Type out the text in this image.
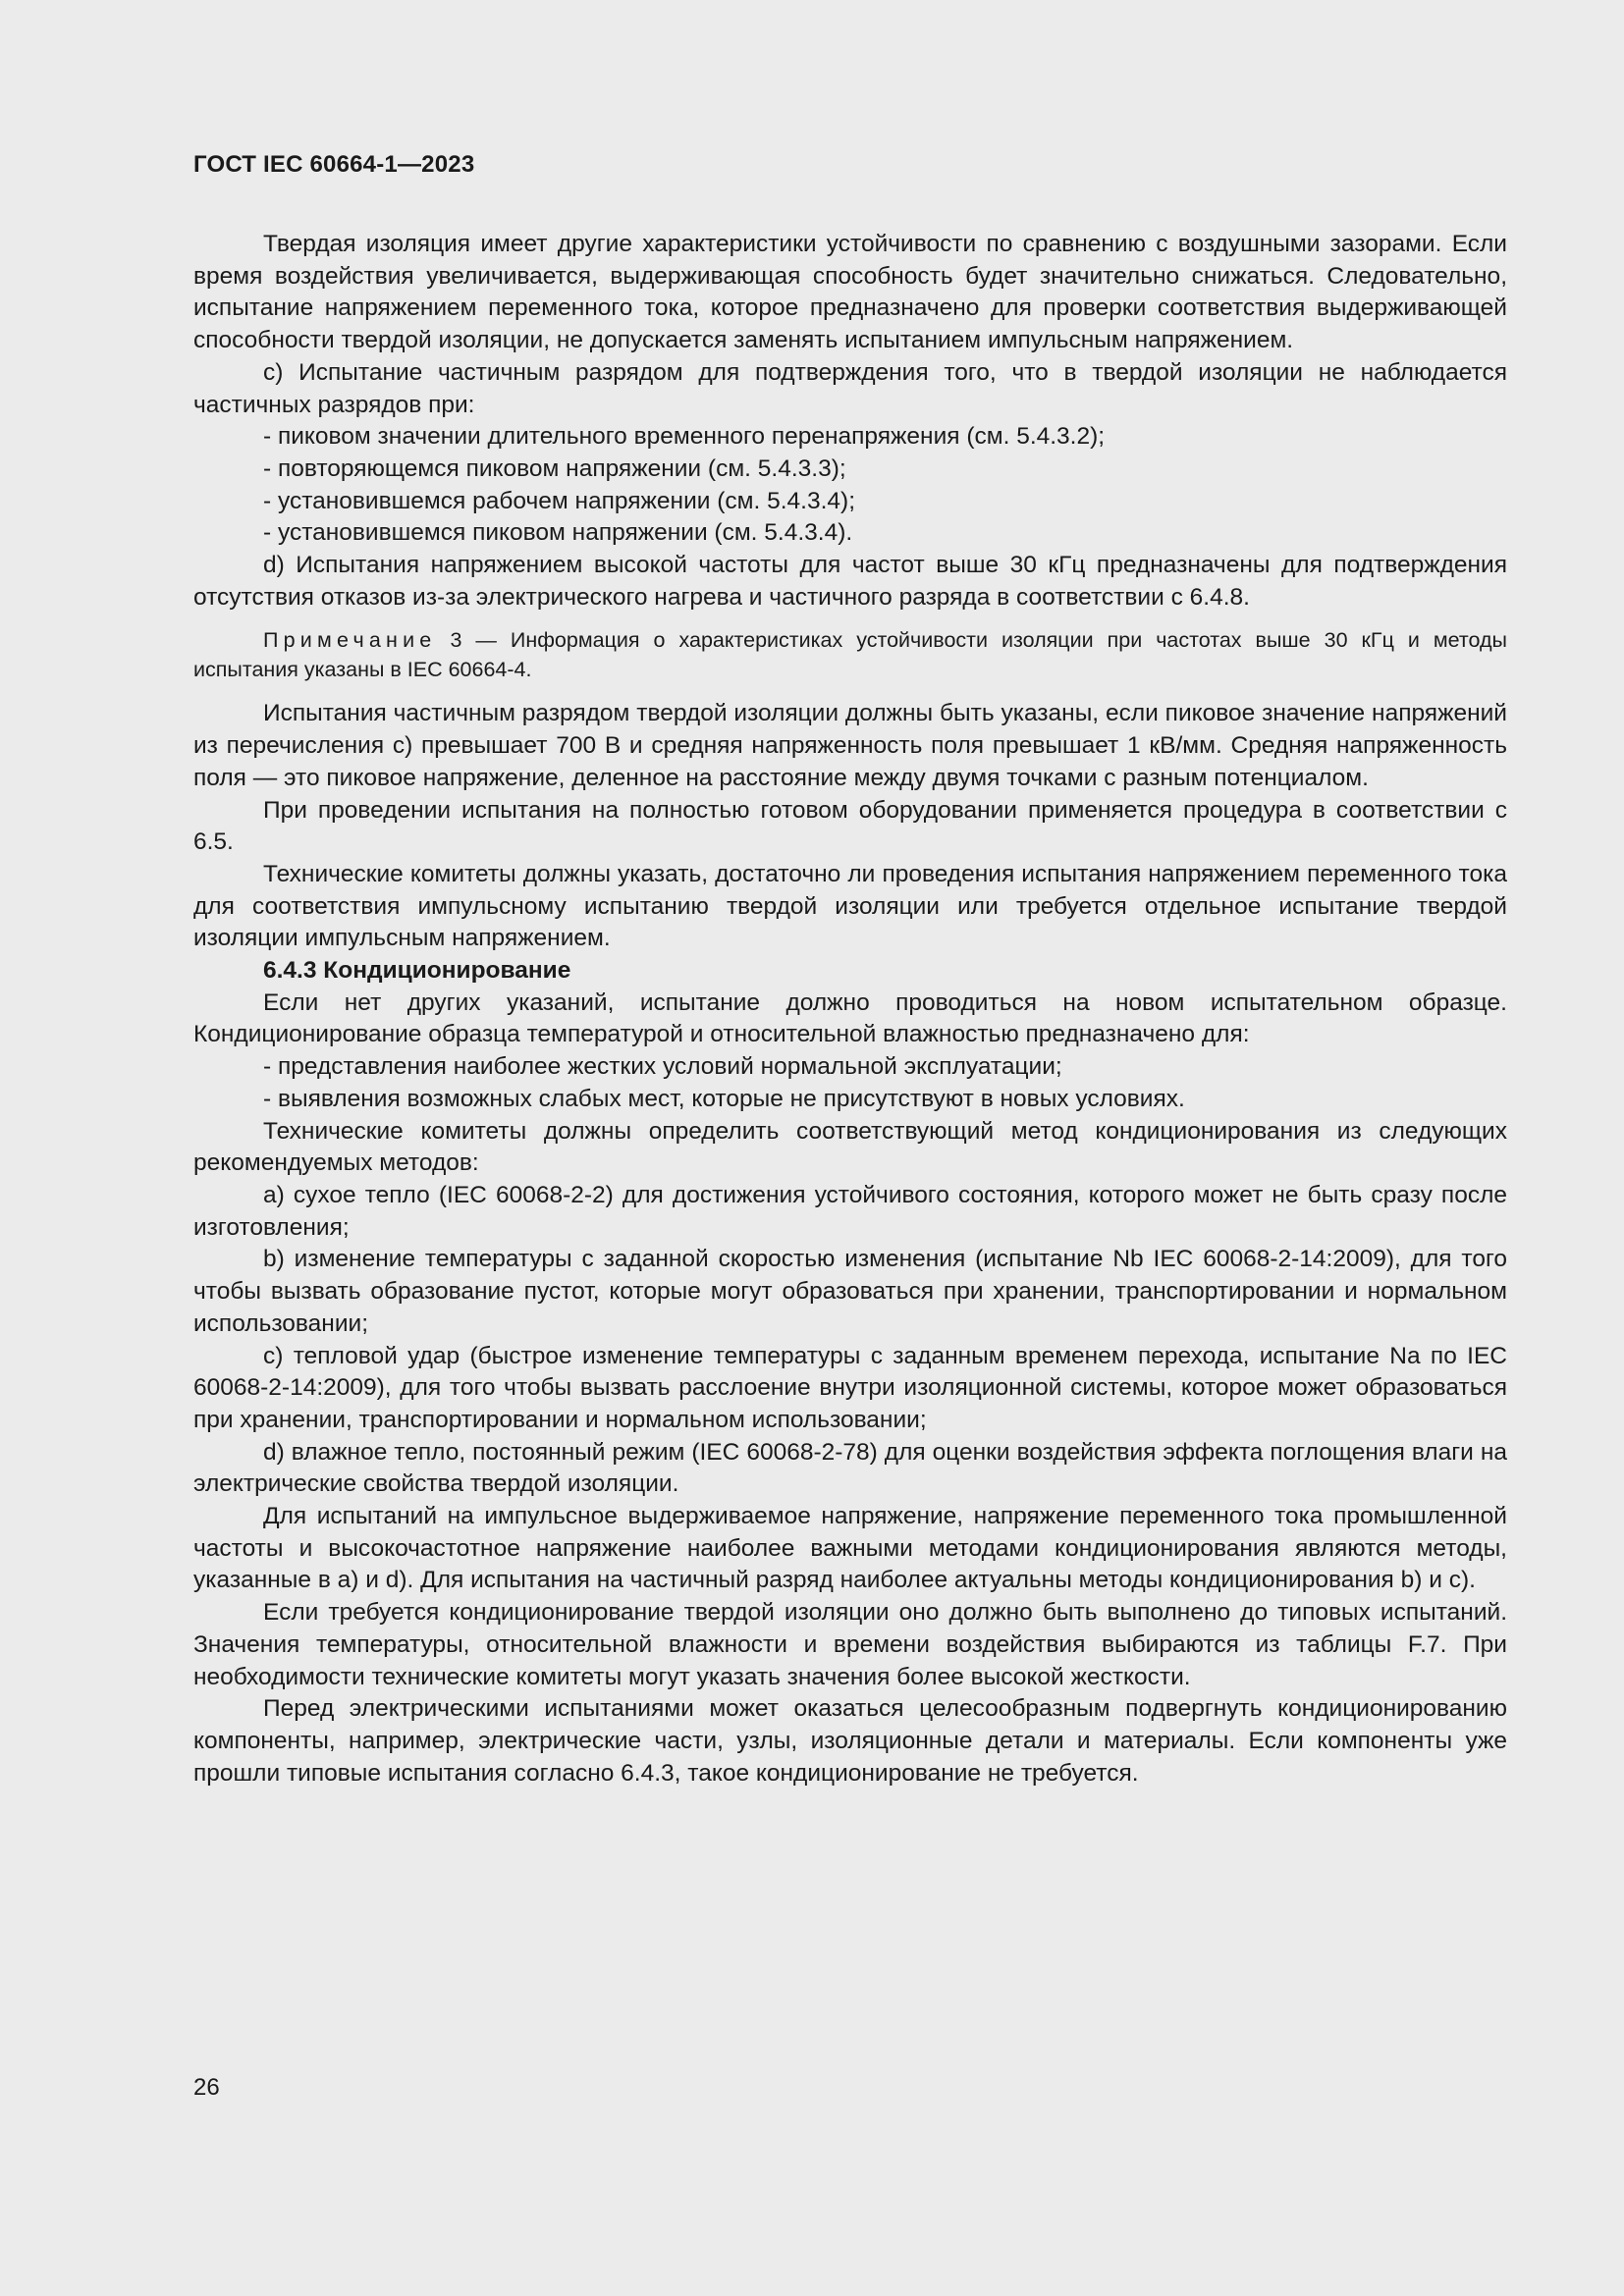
ГОСТ IEC 60664-1—2023

Твердая изоляция имеет другие характеристики устойчивости по сравнению с воздушными зазорами. Если время воздействия увеличивается, выдерживающая способность будет значительно снижаться. Следовательно, испытание напряжением переменного тока, которое предназначено для проверки соответствия выдерживающей способности твердой изоляции, не допускается заменять испытанием импульсным напряжением.

c) Испытание частичным разрядом для подтверждения того, что в твердой изоляции не наблюдается частичных разрядов при:

- пиковом значении длительного временного перенапряжения (см. 5.4.3.2);

- повторяющемся пиковом напряжении (см. 5.4.3.3);

- установившемся рабочем напряжении (см. 5.4.3.4);

- установившемся пиковом напряжении (см. 5.4.3.4).

d) Испытания напряжением высокой частоты для частот выше 30 кГц предназначены для подтверждения отсутствия отказов из-за электрического нагрева и частичного разряда в соответствии с 6.4.8.

Примечание 3 — Информация о характеристиках устойчивости изоляции при частотах выше 30 кГц и методы испытания указаны в IEC 60664-4.

Испытания частичным разрядом твердой изоляции должны быть указаны, если пиковое значение напряжений из перечисления c) превышает 700 В и средняя напряженность поля превышает 1 кВ/мм. Средняя напряженность поля — это пиковое напряжение, деленное на расстояние между двумя точками с разным потенциалом.

При проведении испытания на полностью готовом оборудовании применяется процедура в соответствии с 6.5.

Технические комитеты должны указать, достаточно ли проведения испытания напряжением переменного тока для соответствия импульсному испытанию твердой изоляции или требуется отдельное испытание твердой изоляции импульсным напряжением.

6.4.3 Кондиционирование

Если нет других указаний, испытание должно проводиться на новом испытательном образце. Кондиционирование образца температурой и относительной влажностью предназначено для:

- представления наиболее жестких условий нормальной эксплуатации;

- выявления возможных слабых мест, которые не присутствуют в новых условиях.

Технические комитеты должны определить соответствующий метод кондиционирования из следующих рекомендуемых методов:

a) сухое тепло (IEC 60068-2-2) для достижения устойчивого состояния, которого может не быть сразу после изготовления;

b) изменение температуры с заданной скоростью изменения (испытание Nb IEC 60068-2-14:2009), для того чтобы вызвать образование пустот, которые могут образоваться при хранении, транспортировании и нормальном использовании;

c) тепловой удар (быстрое изменение температуры с заданным временем перехода, испытание Na по IEC 60068-2-14:2009), для того чтобы вызвать расслоение внутри изоляционной системы, которое может образоваться при хранении, транспортировании и нормальном использовании;

d) влажное тепло, постоянный режим (IEC 60068-2-78) для оценки воздействия эффекта поглощения влаги на электрические свойства твердой изоляции.

Для испытаний на импульсное выдерживаемое напряжение, напряжение переменного тока промышленной частоты и высокочастотное напряжение наиболее важными методами кондиционирования являются методы, указанные в a) и d). Для испытания на частичный разряд наиболее актуальны методы кондиционирования b) и c).

Если требуется кондиционирование твердой изоляции оно должно быть выполнено до типовых испытаний. Значения температуры, относительной влажности и времени воздействия выбираются из таблицы F.7. При необходимости технические комитеты могут указать значения более высокой жесткости.

Перед электрическими испытаниями может оказаться целесообразным подвергнуть кондиционированию компоненты, например, электрические части, узлы, изоляционные детали и материалы. Если компоненты уже прошли типовые испытания согласно 6.4.3, такое кондиционирование не требуется.

26
